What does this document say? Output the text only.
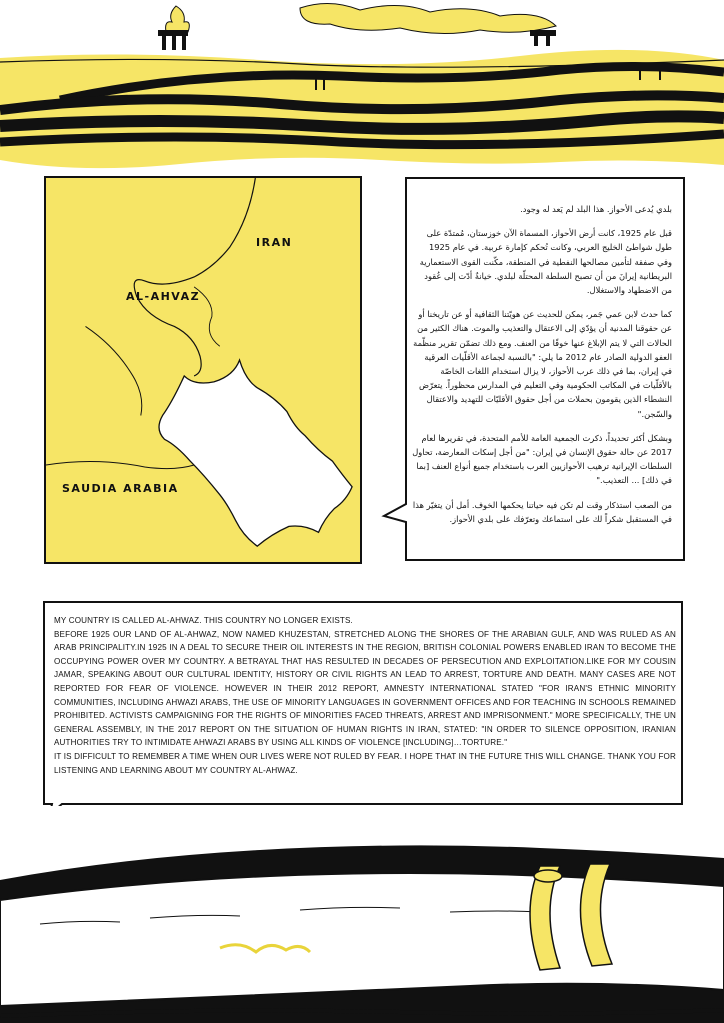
IRAN
AL-AHVAZ
SAUDIA ARABIA

بلدي يُدعى الأحواز. هذا البلد لم يَعد له وجود.

قبل عام 1925، كانت أرض الأحواز، المسماة الآن خوزستان، مُمتدّة على طول شواطئ الخليج العربي، وكانت تُحكم كإمارة عربية. في عام 1925 وفي صفقة لتأمين مصالحها النفطية في المنطقة، مكّنت القوى الاستعمارية البريطانية إيرانَ من أن تصبح السلطة المحتلّة لبلدي. خيانةٌ أدّت إلى عُقود من الاضطهاد والاستغلال.

كما حدث لابن عمي جَمر، يمكن للحديث عن هويّتنا الثقافية أو عن تاريخنا أو عن حقوقنا المدنية أن يؤدّي إلى الاعتقال والتعذيب والموت. هناك الكثير من الحالات التي لا يتم الإبلاغ عنها خوفًا من العنف. ومع ذلك تضمّن تقرير منظّمة العفو الدولية الصادر عام 2012 ما يلي: "بالنسبة لجماعة الأقلّيات العرقية في إيران، بما في ذلك عرب الأحواز، لا يزال استخدام اللغات الخاصّة بالأقلّيات في المكاتب الحكومية وفي التعليم في المدارس محظوراً. يتعرّض النشطاء الذين يقومون بحملات من أجل حقوق الأقليّات للتهديد والاعتقال والسّجن."

وبشكل أكثر تحديداً، ذكرت الجمعية العامة للأمم المتحدة، في تقريرها لعام 2017 عن حالة حقوق الإنسان في إيران: "من أجل إسكات المعارضة، تحاول السلطات الإيرانية ترهيب الأحوازيين العرب باستخدام جميع أنواع العنف [بما في ذلك] ... التعذيب."

من الصعب استذكار وقت لم تكن فيه حياتنا يحكمها الخوف. أمل أن يتغيّر هذا في المستقبل شكراً لك على استماعك وتعرّفك على بلدي الأحواز.

MY COUNTRY IS CALLED AL-AHWAZ. THIS COUNTRY NO LONGER EXISTS.

BEFORE 1925 OUR LAND OF AL-AHWAZ, NOW NAMED KHUZESTAN, STRETCHED ALONG THE SHORES OF THE ARABIAN GULF, AND WAS RULED AS AN ARAB PRINCIPALITY.IN 1925 IN A DEAL TO SECURE THEIR OIL INTERESTS IN THE REGION, BRITISH COLONIAL POWERS ENABLED IRAN TO BECOME THE OCCUPYING POWER OVER MY COUNTRY. A BETRAYAL THAT HAS RESULTED IN DECADES OF PERSECUTION AND EXPLOITATION.LIKE FOR MY COUSIN JAMAR, SPEAKING ABOUT OUR CULTURAL IDENTITY, HISTORY OR CIVIL RIGHTS AN LEAD TO ARREST, TORTURE AND DEATH. MANY CASES ARE NOT REPORTED FOR FEAR OF VIOLENCE. HOWEVER IN THEIR 2012 REPORT, AMNESTY INTERNATIONAL STATED "FOR IRAN'S ETHNIC MINORITY COMMUNITIES, INCLUDING AHWAZI ARABS, THE USE OF MINORITY LANGUAGES IN GOVERNMENT OFFICES AND FOR TEACHING IN SCHOOLS REMAINED PROHIBITED. ACTIVISTS CAMPAIGNING FOR THE RIGHTS OF MINORITIES FACED THREATS, ARREST AND IMPRISONMENT." MORE SPECIFICALLY, THE UN GENERAL ASSEMBLY, IN THE 2017 REPORT ON THE SITUATION OF HUMAN RIGHTS IN IRAN, STATED: "IN ORDER TO SILENCE OPPOSITION, IRANIAN AUTHORITIES TRY TO INTIMIDATE AHWAZI ARABS BY USING ALL KINDS OF VIOLENCE [INCLUDING]…TORTURE."

IT IS DIFFICULT TO REMEMBER A TIME WHEN OUR LIVES WERE NOT RULED BY FEAR. I HOPE THAT IN THE FUTURE THIS WILL CHANGE. THANK YOU FOR LISTENING AND LEARNING ABOUT MY COUNTRY AL-AHWAZ.
